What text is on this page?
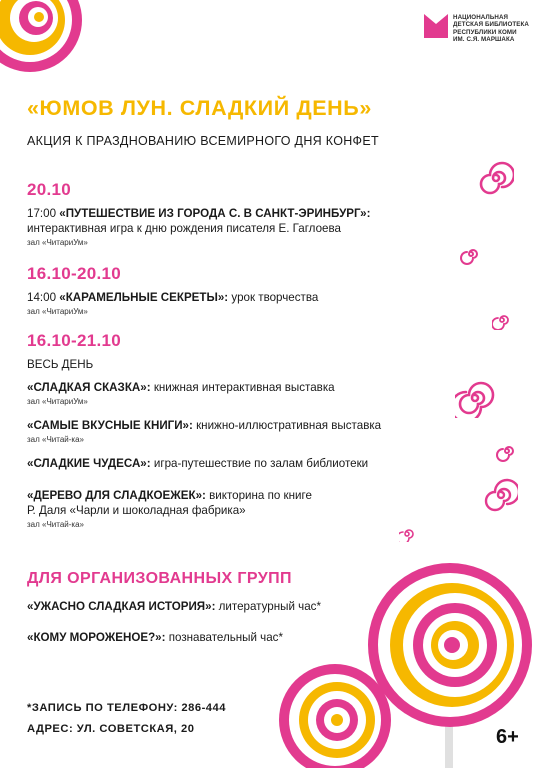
НАЦИОНАЛЬНАЯ
ДЕТСКАЯ БИБЛИОТЕКА
РЕСПУБЛИКИ КОМИ
ИМ. С.Я. МАРШАКА
«ЮМОВ ЛУН. СЛАДКИЙ ДЕНЬ»
АКЦИЯ К ПРАЗДНОВАНИЮ ВСЕМИРНОГО ДНЯ КОНФЕТ
20.10
17:00 «ПУТЕШЕСТВИЕ ИЗ ГОРОДА С. В САНКТ-ЭРИНБУРГ»:
интерактивная игра к дню рождения писателя Е. Гаглоева
зал «ЧитариУм»
16.10-20.10
14:00 «КАРАМЕЛЬНЫЕ СЕКРЕТЫ»: урок творчества
зал «ЧитариУм»
16.10-21.10
ВЕСЬ ДЕНЬ
«СЛАДКАЯ СКАЗКА»: книжная интерактивная выставка
зал «ЧитариУм»
«САМЫЕ ВКУСНЫЕ КНИГИ»: книжно-иллюстративная выставка
зал «Читай-ка»
«СЛАДКИЕ ЧУДЕСА»: игра-путешествие по залам библиотеки
«ДЕРЕВО ДЛЯ СЛАДКОЕЖЕК»: викторина по книге
Р. Даля «Чарли и шоколадная фабрика»
зал «Читай-ка»
ДЛЯ ОРГАНИЗОВАННЫХ ГРУПП
«УЖАСНО СЛАДКАЯ ИСТОРИЯ»: литературный час*
«КОМУ МОРОЖЕНОЕ?»: познавательный час*
*ЗАПИСЬ ПО ТЕЛЕФОНУ: 286-444
АДРЕС: УЛ. СОВЕТСКАЯ, 20	6+
